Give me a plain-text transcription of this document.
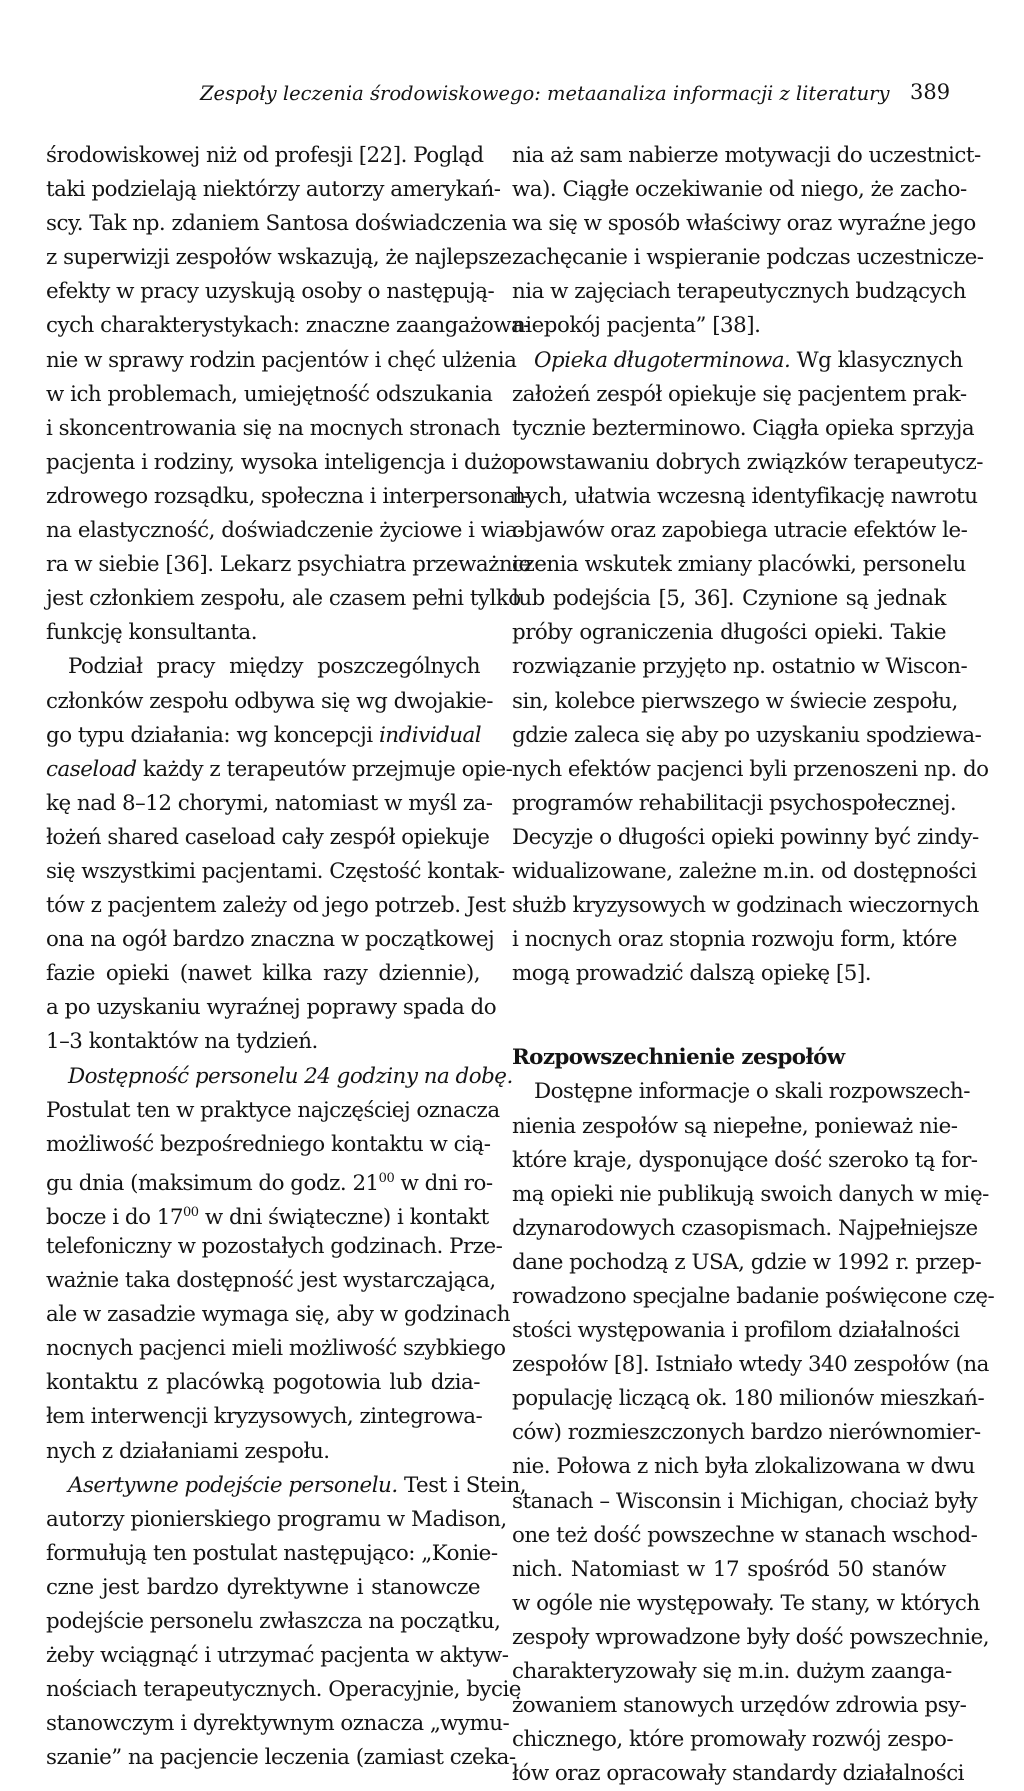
Zespoły leczenia środowiskowego: metaanaliza informacji z literatury 389
środowiskowej niż od profesji [22]. Pogląd
taki podzielają niektórzy autorzy amerykań-
scy. Tak np. zdaniem Santosa doświadczenia
z superwizji zespołów wskazują, że najlepsze
efekty w pracy uzyskują osoby o następują-
cych charakterystykach: znaczne zaangażowa-
nie w sprawy rodzin pacjentów i chęć ulżenia
w ich problemach, umiejętność odszukania
i skoncentrowania się na mocnych stronach
pacjenta i rodziny, wysoka inteligencja i dużo
zdrowego rozsądku, społeczna i interpersonal-
na elastyczność, doświadczenie życiowe i wia-
ra w siebie [36]. Lekarz psychiatra przeważnie
jest członkiem zespołu, ale czasem pełni tylko
funkcję konsultanta.
Podział pracy między poszczególnych
członków zespołu odbywa się wg dwojakie-
go typu działania: wg koncepcji individual
caseload każdy z terapeutów przejmuje opie-
kę nad 8–12 chorymi, natomiast w myśl za-
łożeń shared caseload cały zespół opiekuje
się wszystkimi pacjentami. Częstość kontak-
tów z pacjentem zależy od jego potrzeb. Jest
ona na ogół bardzo znaczna w początkowej
fazie opieki (nawet kilka razy dziennie),
a po uzyskaniu wyraźnej poprawy spada do
1–3 kontaktów na tydzień.
Dostępność personelu 24 godziny na dobę.
Postulat ten w praktyce najczęściej oznacza
możliwość bezpośredniego kontaktu w cią-
gu dnia (maksimum do godz. $21^{00}$ w dni ro-
bocze i do $17^{00}$ w dni świąteczne) i kontakt
telefoniczny w pozostałych godzinach. Prze-
ważnie taka dostępność jest wystarczająca,
ale w zasadzie wymaga się, aby w godzinach
nocnych pacjenci mieli możliwość szybkiego
kontaktu z placówką pogotowia lub dzia-
łem interwencji kryzysowych, zintegrowa-
nych z działaniami zespołu.
Asertywne podejście personelu. Test i Stein,
autorzy pionierskiego programu w Madison,
formułują ten postulat następująco: „Konie-
czne jest bardzo dyrektywne i stanowcze
podejście personelu zwłaszcza na początku,
żeby wciągnąć i utrzymać pacjenta w aktyw-
nościach terapeutycznych. Operacyjnie, bycie
stanowczym i dyrektywnym oznacza „wymu-
szanie” na pacjencie leczenia (zamiast czeka-
nia aż sam nabierze motywacji do uczestnict-
wa). Ciągłe oczekiwanie od niego, że zacho-
wa się w sposób właściwy oraz wyraźne jego
zachęcanie i wspieranie podczas uczestnicze-
nia w zajęciach terapeutycznych budzących
niepokój pacjenta” [38].
Opieka długoterminowa. Wg klasycznych
założeń zespół opiekuje się pacjentem prak-
tycznie bezterminowo. Ciągła opieka sprzyja
powstawaniu dobrych związków terapeutycz-
nych, ułatwia wczesną identyfikację nawrotu
objawów oraz zapobiega utracie efektów le-
czenia wskutek zmiany placówki, personelu
lub podejścia [5, 36]. Czynione są jednak
próby ograniczenia długości opieki. Takie
rozwiązanie przyjęto np. ostatnio w Wiscon-
sin, kolebce pierwszego w świecie zespołu,
gdzie zaleca się aby po uzyskaniu spodziewa-
nych efektów pacjenci byli przenoszeni np. do
programów rehabilitacji psychospołecznej.
Decyzje o długości opieki powinny być zindy-
widualizowane, zależne m.in. od dostępności
służb kryzysowych w godzinach wieczornych
i nocnych oraz stopnia rozwoju form, które
mogą prowadzić dalszą opiekę [5].
Rozpowszechnienie zespołów
Dostępne informacje o skali rozpowszech-
nienia zespołów są niepełne, ponieważ nie-
które kraje, dysponujące dość szeroko tą for-
mą opieki nie publikują swoich danych w mię-
dzynarodowych czasopismach. Najpełniejsze
dane pochodzą z USA, gdzie w 1992 r. przep-
rowadzono specjalne badanie poświęcone czę-
stości występowania i profilom działalności
zespołów [8]. Istniało wtedy 340 zespołów (na
populację liczącą ok. 180 milionów mieszkań-
ców) rozmieszczonych bardzo nierównomier-
nie. Połowa z nich była zlokalizowana w dwu
stanach – Wisconsin i Michigan, chociaż były
one też dość powszechne w stanach wschod-
nich. Natomiast w 17 spośród 50 stanów
w ogóle nie występowały. Te stany, w których
zespoły wprowadzone były dość powszechnie,
charakteryzowały się m.in. dużym zaanga-
żowaniem stanowych urzędów zdrowia psy-
chicznego, które promowały rozwój zespo-
łów oraz opracowały standardy działalności
